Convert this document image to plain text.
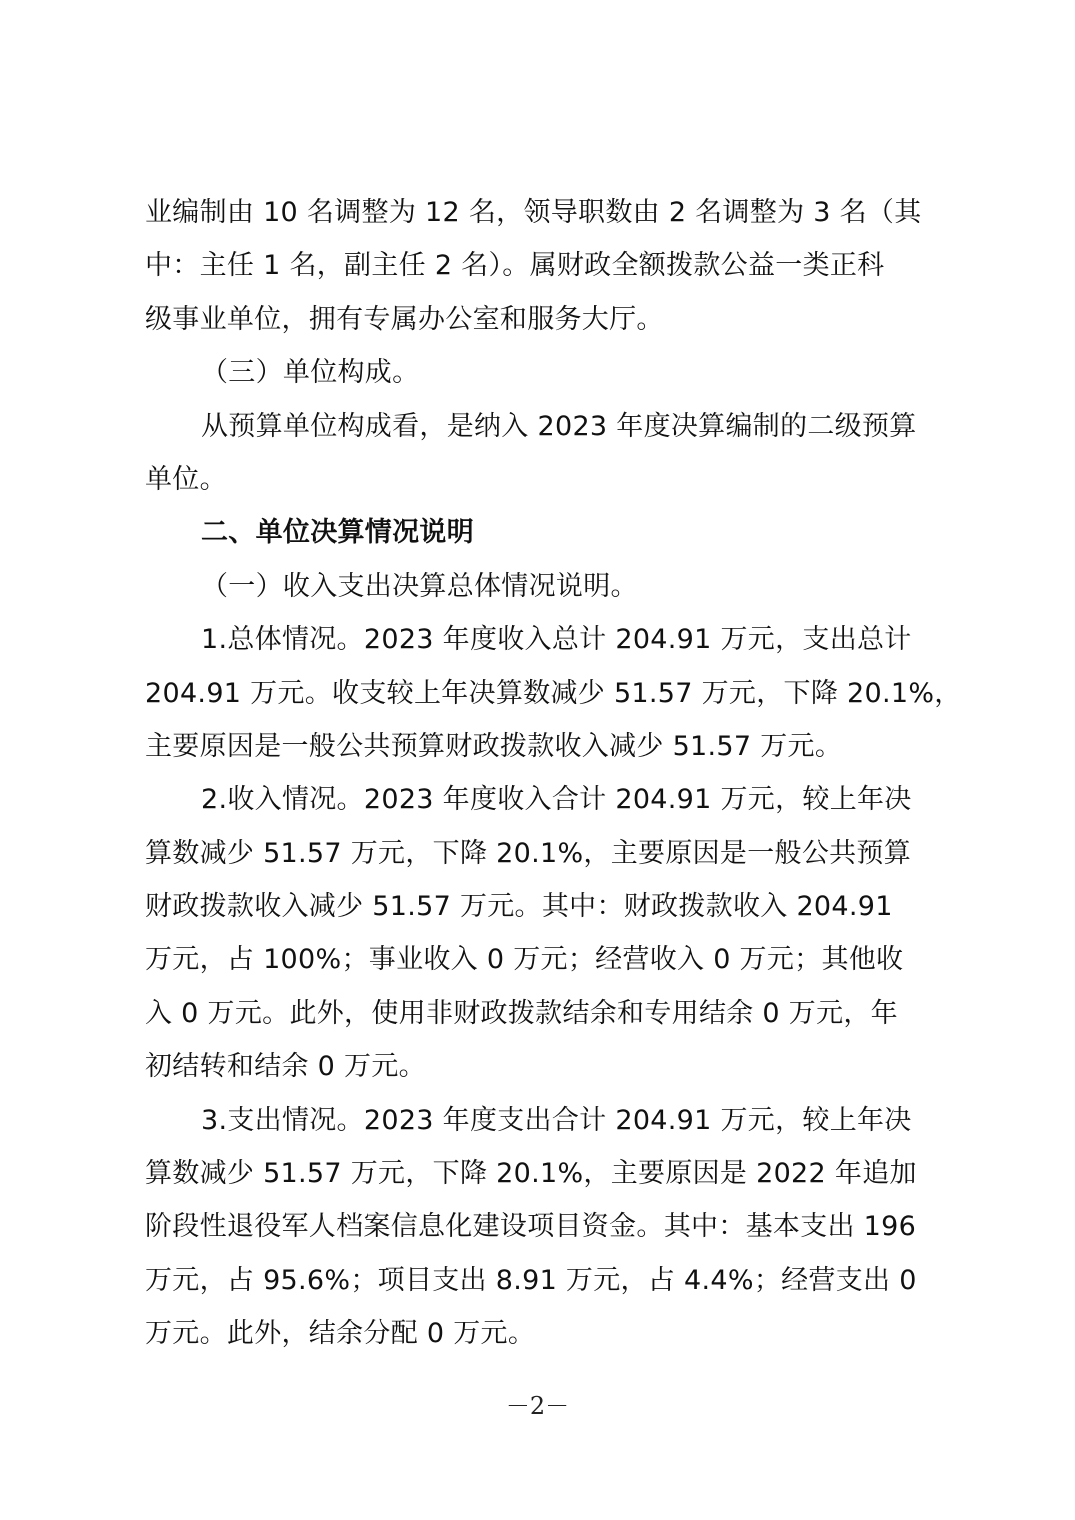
业编制由 10 名调整为 12 名，领导职数由 2 名调整为 3 名（其
中：主任 1 名，副主任 2 名）。属财政全额拨款公益一类正科
级事业单位，拥有专属办公室和服务大厅。
（三）单位构成。
从预算单位构成看，是纳入 2023 年度决算编制的二级预算
单位。
二、单位决算情况说明
（一）收入支出决算总体情况说明。
1.总体情况。2023 年度收入总计 204.91 万元，支出总计
204.91 万元。收支较上年决算数减少 51.57 万元，下降 20.1%，
主要原因是一般公共预算财政拨款收入减少 51.57 万元。
2.收入情况。2023 年度收入合计 204.91 万元，较上年决
算数减少 51.57 万元，下降 20.1%，主要原因是一般公共预算
财政拨款收入减少 51.57 万元。其中：财政拨款收入 204.91
万元，占 100%；事业收入 0 万元；经营收入 0 万元；其他收
入 0 万元。此外，使用非财政拨款结余和专用结余 0 万元，年
初结转和结余 0 万元。
3.支出情况。2023 年度支出合计 204.91 万元，较上年决
算数减少 51.57 万元，下降 20.1%，主要原因是 2022 年追加
阶段性退役军人档案信息化建设项目资金。其中：基本支出 196
万元，占 95.6%；项目支出 8.91 万元，占 4.4%；经营支出 0
万元。此外，结余分配 0 万元。
－2－
